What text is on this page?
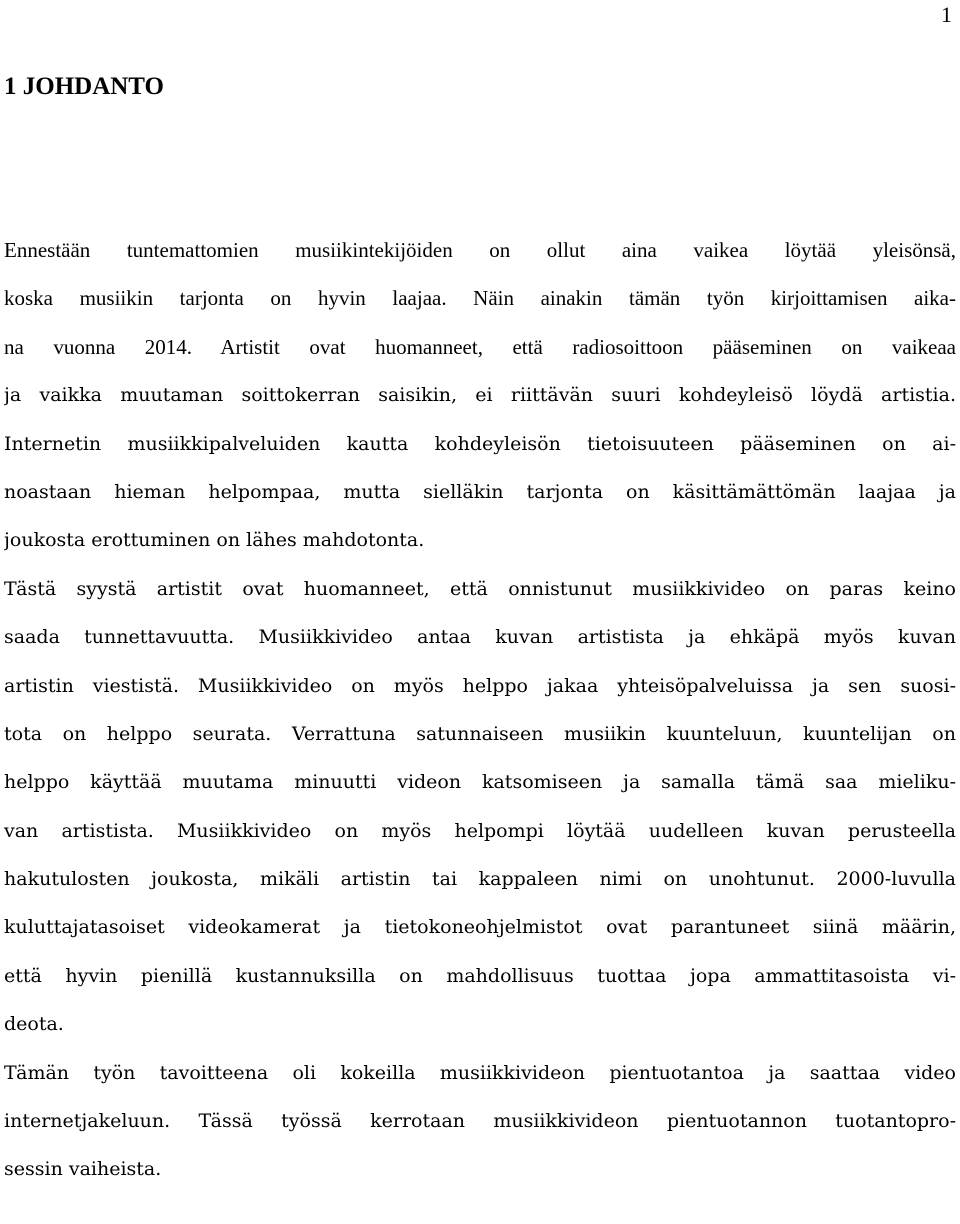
1
1 JOHDANTO

Ennestään tuntemattomien musiikintekijöiden on ollut aina vaikea löytää yleisönsä,
koska musiikin tarjonta on hyvin laajaa. Näin ainakin tämän työn kirjoittamisen aika-
na vuonna 2014. Artistit ovat huomanneet, että radiosoittoon pääseminen on vaikeaa
ja vaikka muutaman soittokerran saisikin, ei riittävän suuri kohdeyleisö löydä artistia.
Internetin musiikkipalveluiden kautta kohdeyleisön tietoisuuteen pääseminen on ai-
noastaan hieman helpompaa, mutta sielläkin tarjonta on käsittämättömän laajaa ja
joukosta erottuminen on lähes mahdotonta.

Tästä syystä artistit ovat huomanneet, että onnistunut musiikkivideo on paras keino
saada tunnettavuutta. Musiikkivideo antaa kuvan artistista ja ehkäpä myös kuvan
artistin viestistä. Musiikkivideo on myös helppo jakaa yhteisöpalveluissa ja sen suosi-
tota on helppo seurata. Verrattuna satunnaiseen musiikin kuunteluun, kuuntelijan on
helppo käyttää muutama minuutti videon katsomiseen ja samalla tämä saa mieliku-
van artistista. Musiikkivideo on myös helpompi löytää uudelleen kuvan perusteella
hakutulosten joukosta, mikäli artistin tai kappaleen nimi on unohtunut. 2000-luvulla
kuluttajatasoiset videokamerat ja tietokoneohjelmistot ovat parantuneet siinä määrin,
että hyvin pienillä kustannuksilla on mahdollisuus tuottaa jopa ammattitasoista vi-
deota.

Tämän työn tavoitteena oli kokeilla musiikkivideon pientuotantoa ja saattaa video
internetjakeluun. Tässä työssä kerrotaan musiikkivideon pientuotannon tuotantopro-
sessin vaiheista.
